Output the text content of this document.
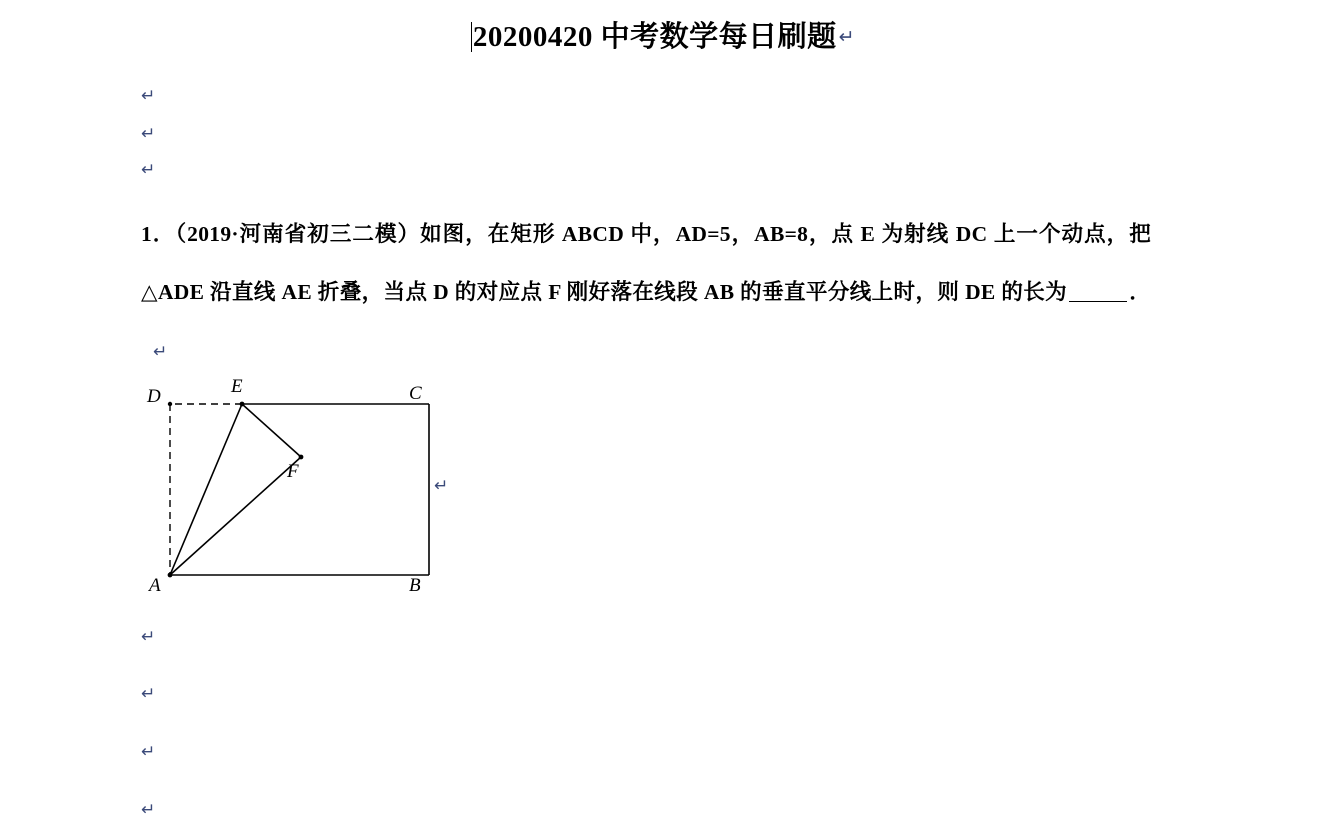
20200420 中考数学每日刷题 ↵
↵
↵
↵
1．（2019·河南省初三二模）如图，在矩形 ABCD 中，AD=5，AB=8，点 E 为射线 DC 上一个动点，把△ADE 沿直线 AE 折叠，当点 D 的对应点 F 刚好落在线段 AB 的垂直平分线上时，则 DE 的长为	．↵
D	E	C
F
A	B
↵
↵
↵
↵
↵
